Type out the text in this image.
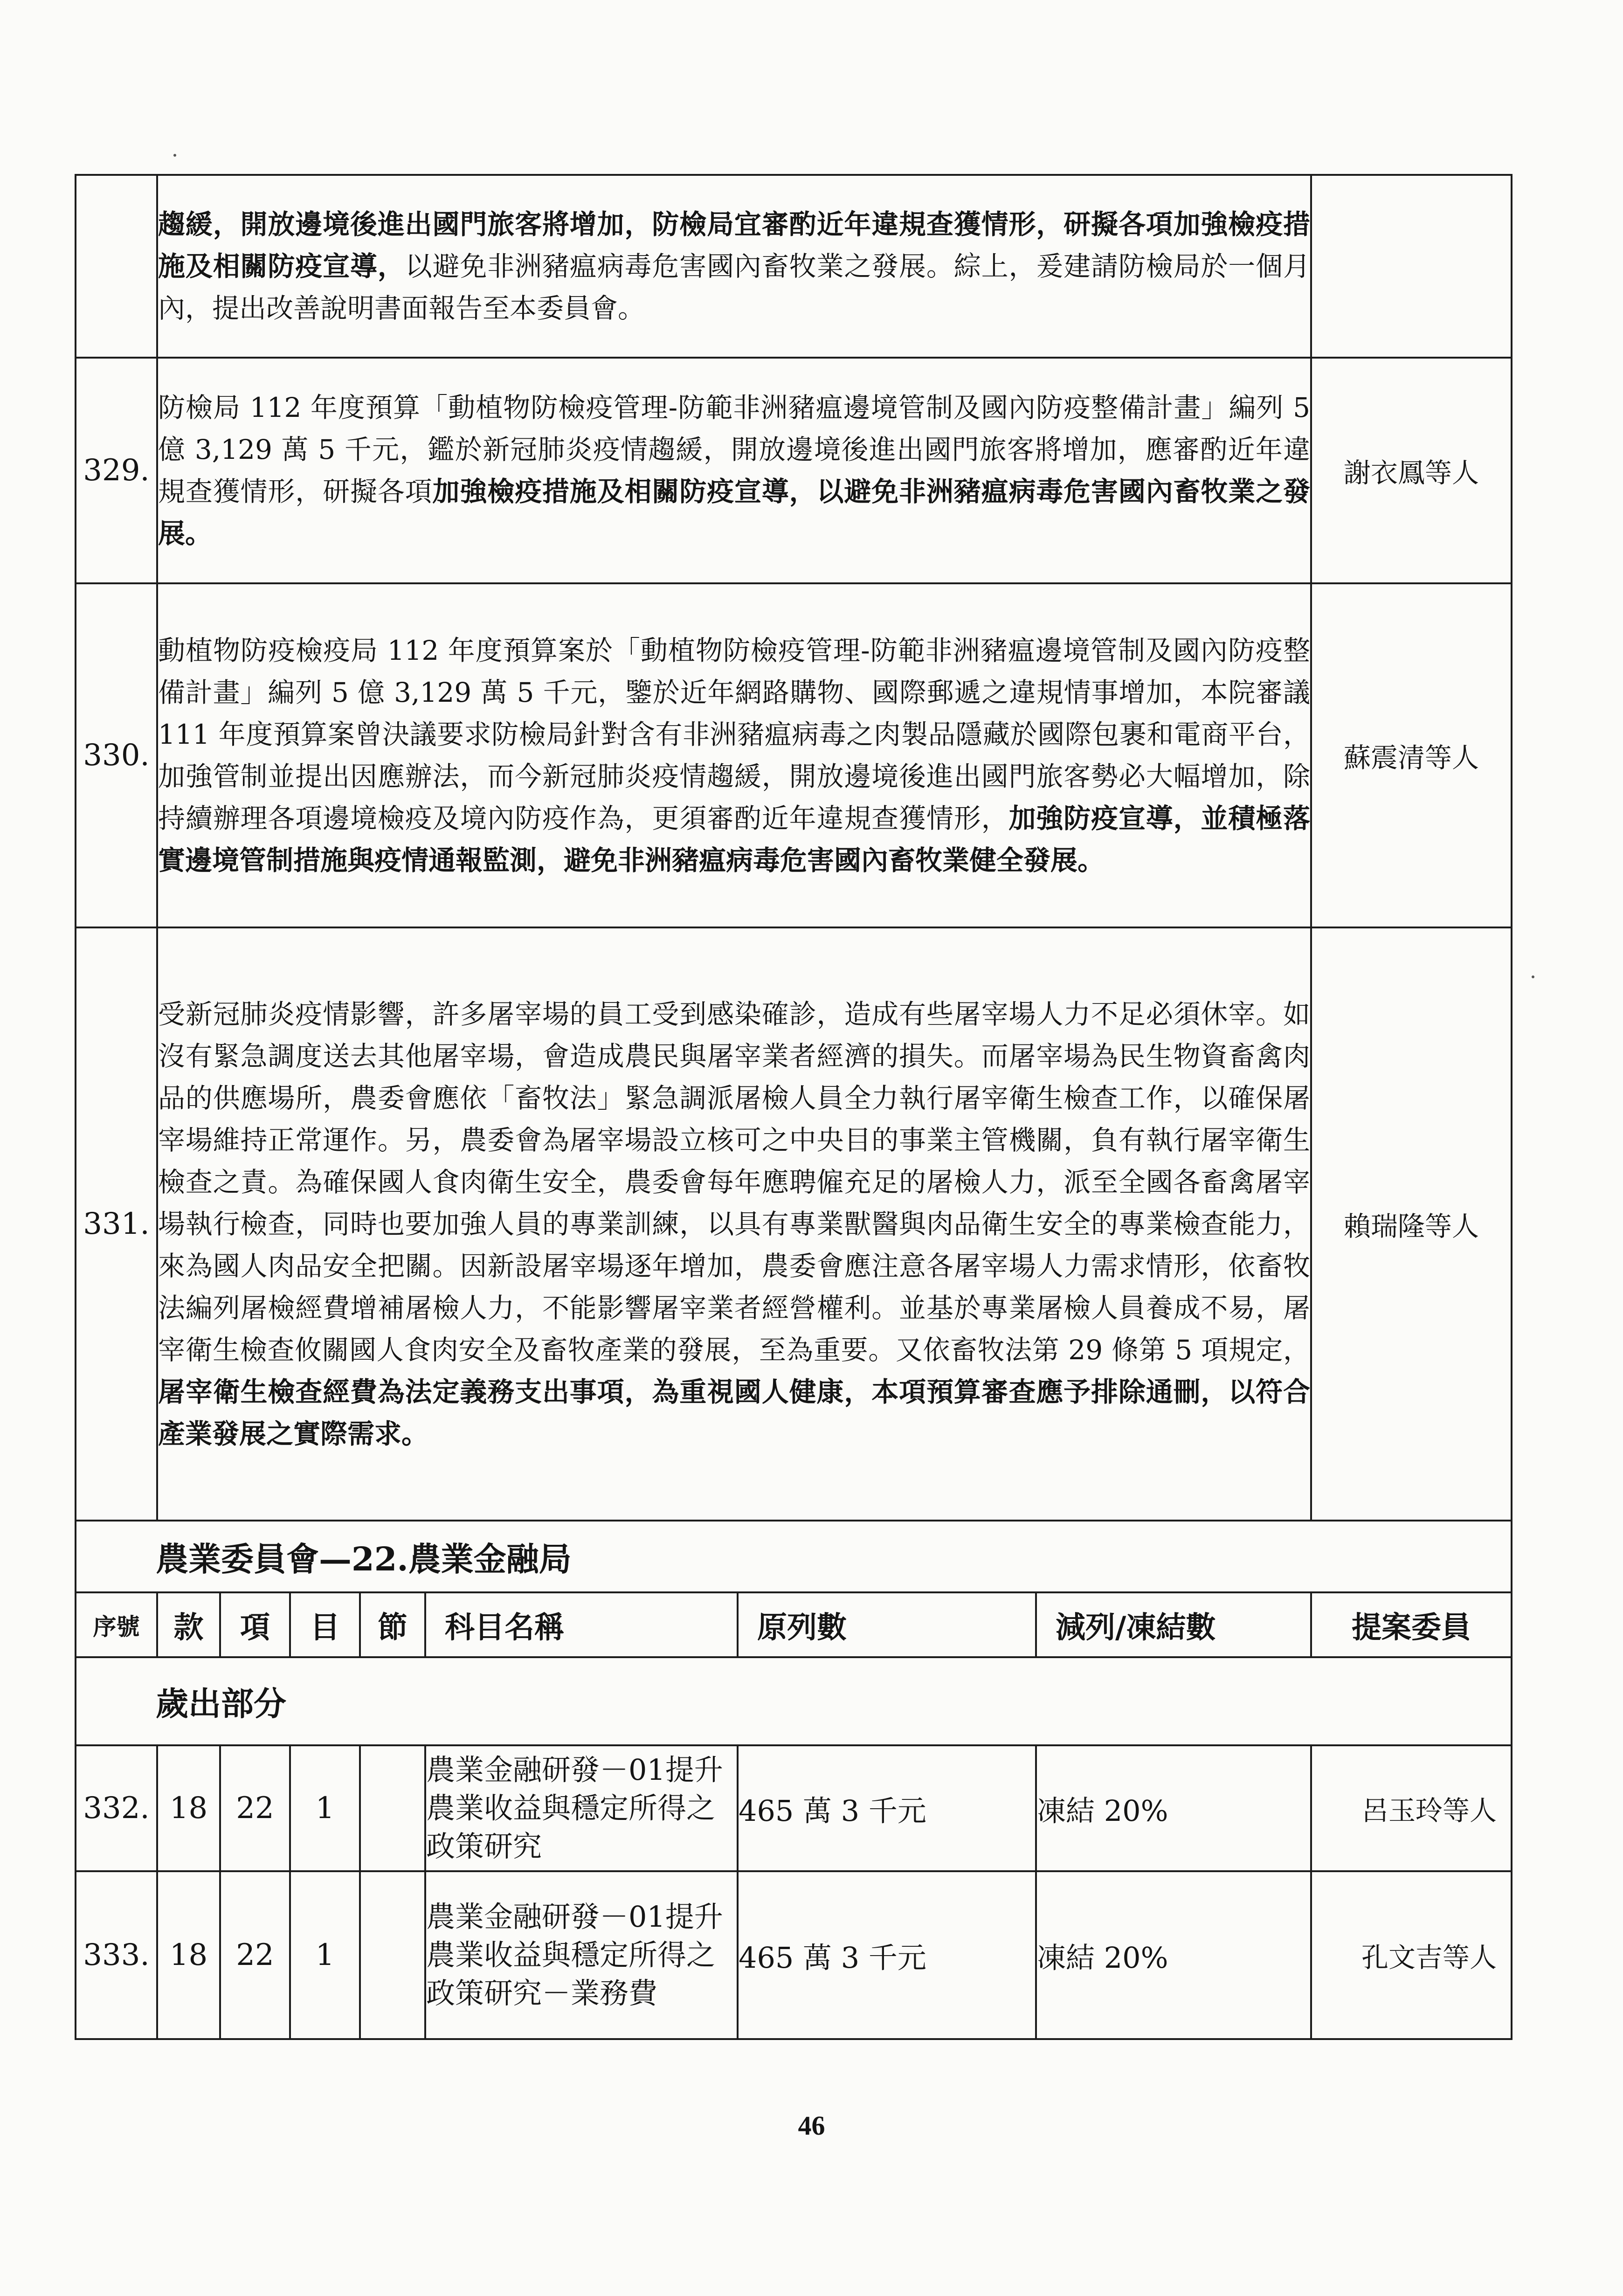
	趨緩，開放邊境後進出國門旅客將增加，防檢局宜審酌近年違規查獲情形，研擬各項加強檢疫措施及相關防疫宣導，以避免非洲豬瘟病毒危害國內畜牧業之發展。綜上，爰建請防檢局於一個月內，提出改善說明書面報告至本委員會。							
329.	防檢局 112 年度預算「動植物防檢疫管理-防範非洲豬瘟邊境管制及國內防疫整備計畫」編列 5 億 3,129 萬 5 千元，鑑於新冠肺炎疫情趨緩，開放邊境後進出國門旅客將增加，應審酌近年違規查獲情形，研擬各項加強檢疫措施及相關防疫宣導，以避免非洲豬瘟病毒危害國內畜牧業之發展。							謝衣鳳等人
330.	動植物防疫檢疫局 112 年度預算案於「動植物防檢疫管理-防範非洲豬瘟邊境管制及國內防疫整備計畫」編列 5 億 3,129 萬 5 千元，鑒於近年網路購物、國際郵遞之違規情事增加，本院審議 111 年度預算案曾決議要求防檢局針對含有非洲豬瘟病毒之肉製品隱藏於國際包裹和電商平台，加強管制並提出因應辦法，而今新冠肺炎疫情趨緩，開放邊境後進出國門旅客勢必大幅增加，除持續辦理各項邊境檢疫及境內防疫作為，更須審酌近年違規查獲情形，加強防疫宣導，並積極落實邊境管制措施與疫情通報監測，避免非洲豬瘟病毒危害國內畜牧業健全發展。							蘇震清等人
331.	受新冠肺炎疫情影響，許多屠宰場的員工受到感染確診，造成有些屠宰場人力不足必須休宰。如沒有緊急調度送去其他屠宰場，會造成農民與屠宰業者經濟的損失。而屠宰場為民生物資畜禽肉品的供應場所，農委會應依「畜牧法」緊急調派屠檢人員全力執行屠宰衛生檢查工作，以確保屠宰場維持正常運作。另，農委會為屠宰場設立核可之中央目的事業主管機關，負有執行屠宰衛生檢查之責。為確保國人食肉衛生安全，農委會每年應聘僱充足的屠檢人力，派至全國各畜禽屠宰場執行檢查，同時也要加強人員的專業訓練，以具有專業獸醫與肉品衛生安全的專業檢查能力，來為國人肉品安全把關。因新設屠宰場逐年增加，農委會應注意各屠宰場人力需求情形，依畜牧法編列屠檢經費增補屠檢人力，不能影響屠宰業者經營權利。並基於專業屠檢人員養成不易，屠宰衛生檢查攸關國人食肉安全及畜牧產業的發展，至為重要。又依畜牧法第 29 條第 5 項規定，屠宰衛生檢查經費為法定義務支出事項，為重視國人健康，本項預算審查應予排除通刪，以符合產業發展之實際需求。							賴瑞隆等人
農業委員會—22.農業金融局								
序號	款	項	目	節	科目名稱	原列數	減列/凍結數	提案委員
歲出部分								
332.	18	22	1		農業金融研發－01提升農業收益與穩定所得之政策研究	465 萬 3 千元	凍結 20%	呂玉玲等人
333.	18	22	1		農業金融研發－01提升農業收益與穩定所得之政策研究－業務費	465 萬 3 千元	凍結 20%	孔文吉等人
46
